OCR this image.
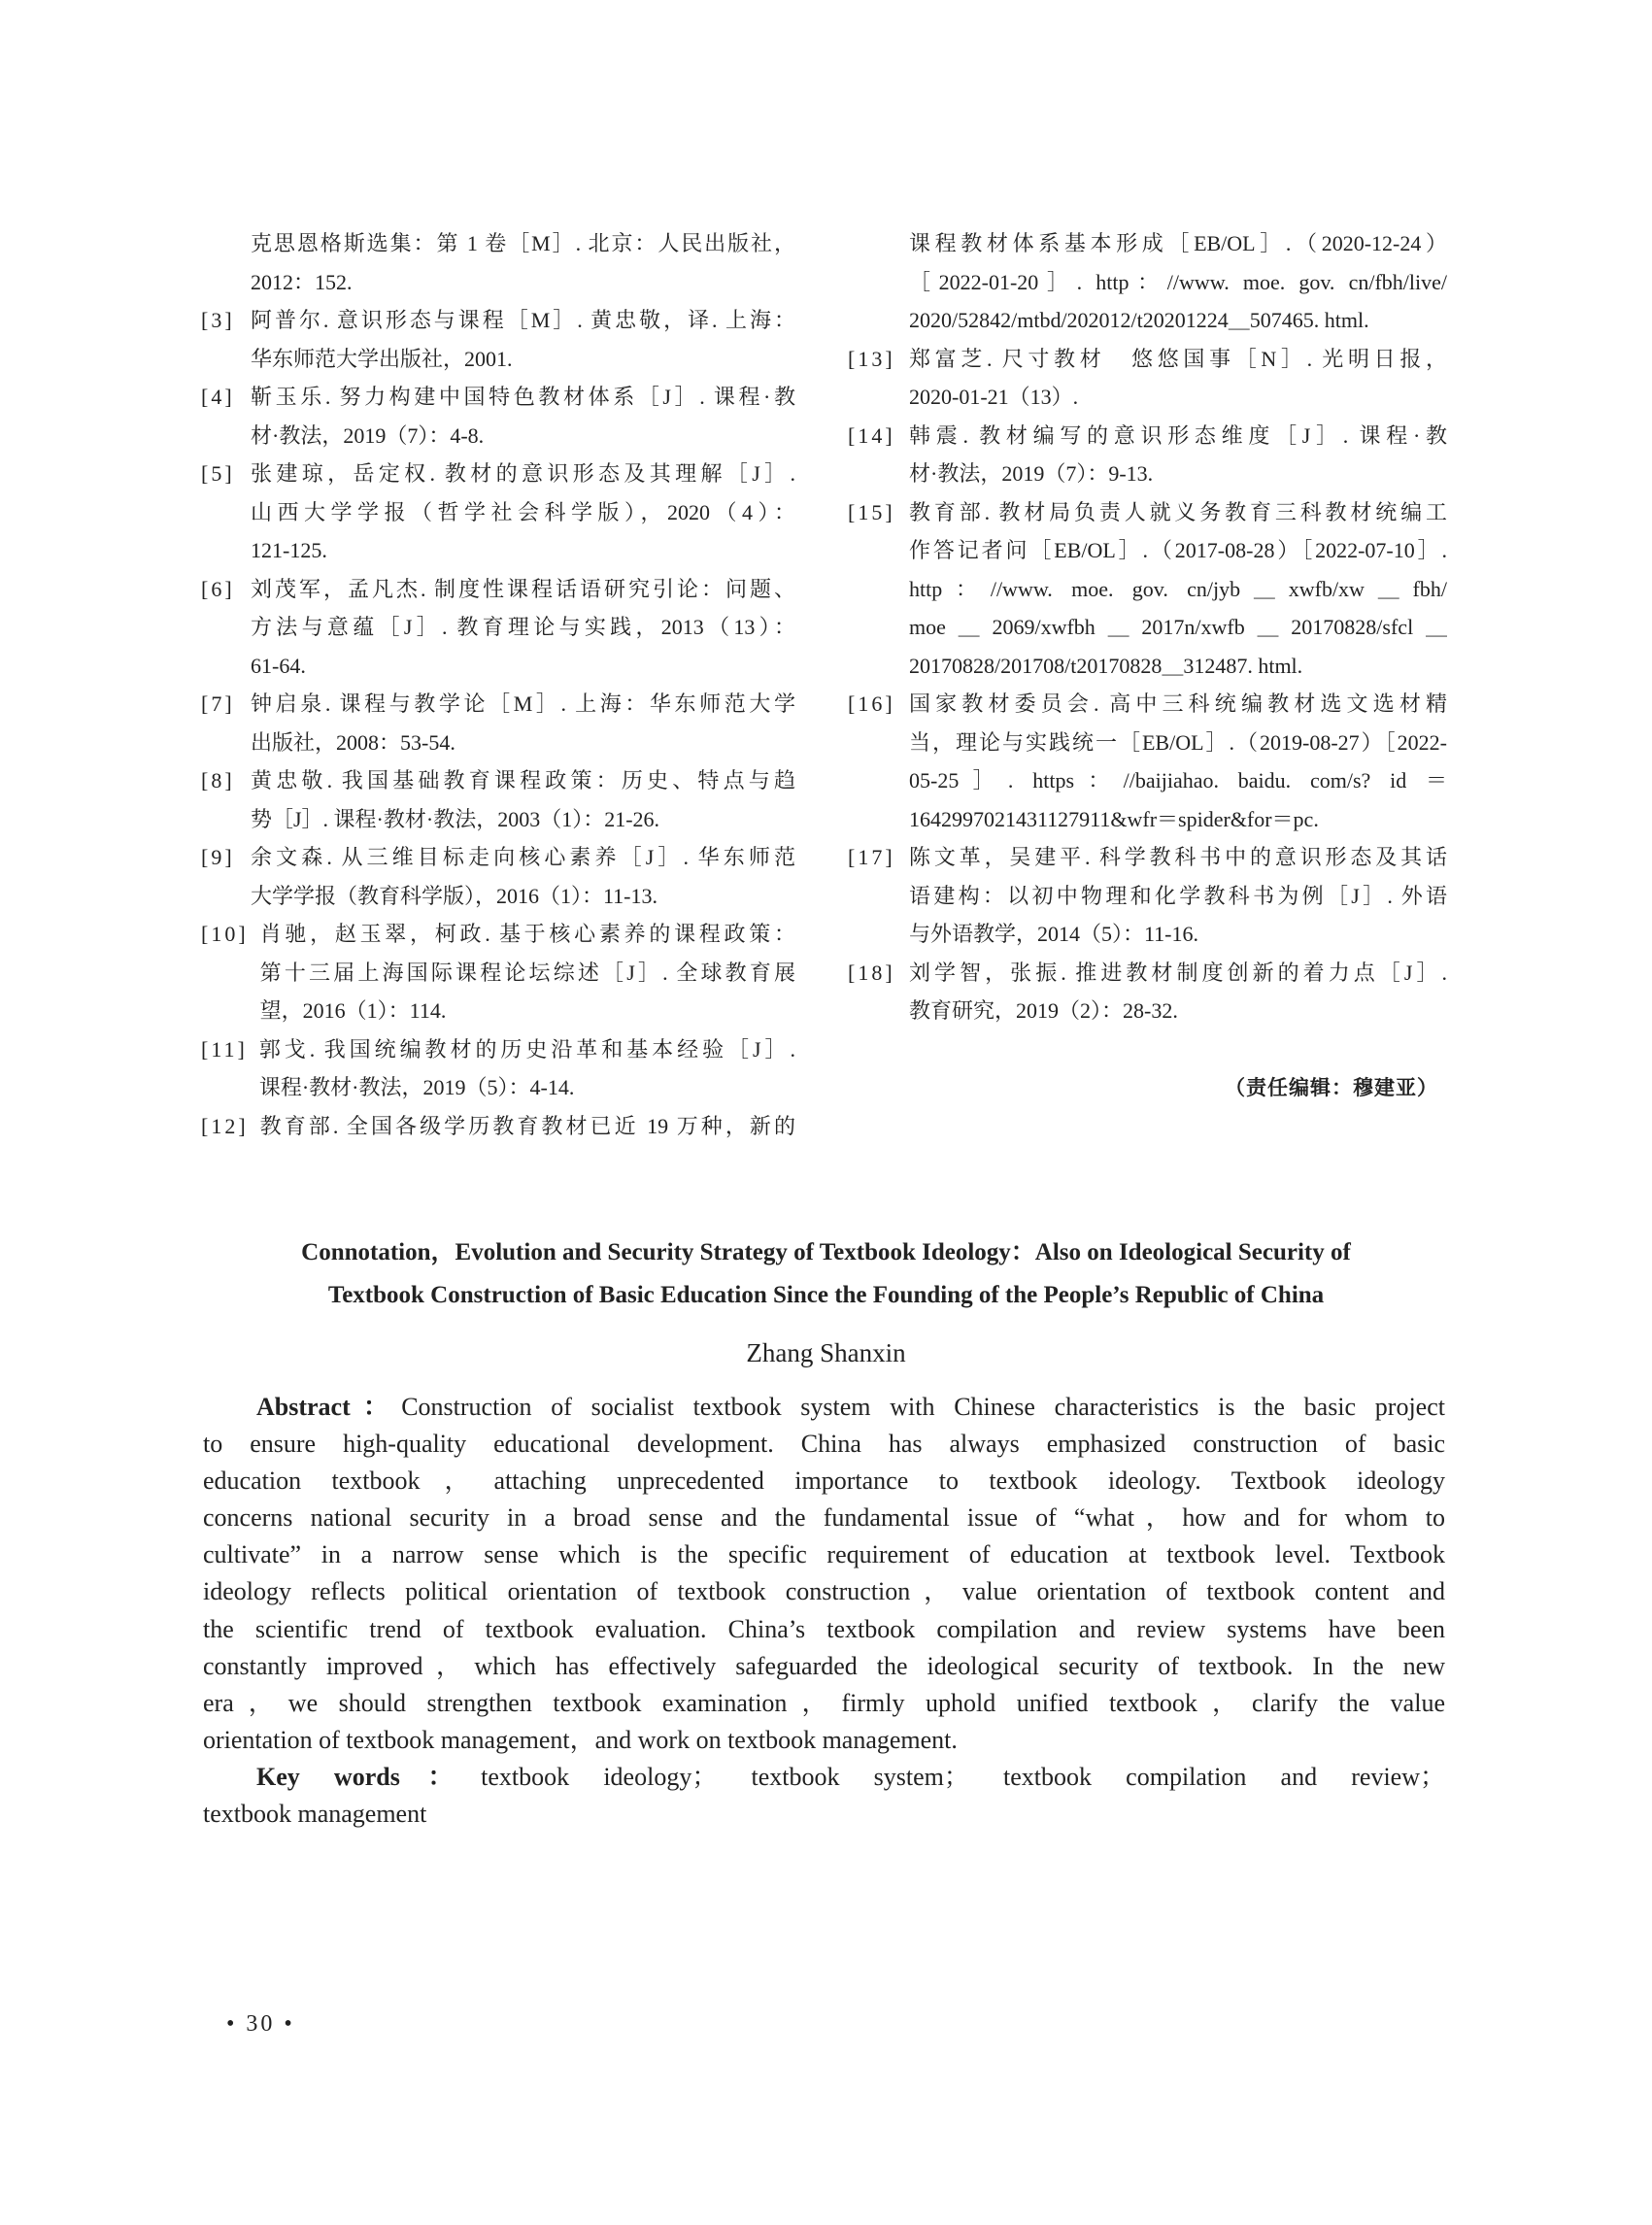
克思恩格斯选集：第 1 卷［M］. 北京：人民出版社，
2012：152.
[3] 阿普尔. 意识形态与课程［M］. 黄忠敬，译. 上海：
华东师范大学出版社，2001.
[4] 靳玉乐. 努力构建中国特色教材体系［J］. 课程·教
材·教法，2019（7）：4-8.
[5] 张建琼，岳定权. 教材的意识形态及其理解［J］.
山西大学学报（哲学社会科学版），2020（4）：
121-125.
[6] 刘茂军，孟凡杰. 制度性课程话语研究引论：问题、
方法与意蕴［J］. 教育理论与实践，2013（13）：
61-64.
[7] 钟启泉. 课程与教学论［M］. 上海：华东师范大学
出版社，2008：53-54.
[8] 黄忠敬. 我国基础教育课程政策：历史、特点与趋
势［J］. 课程·教材·教法，2003（1）：21-26.
[9] 余文森. 从三维目标走向核心素养［J］. 华东师范
大学学报（教育科学版），2016（1）：11-13.
[10] 肖驰，赵玉翠，柯政. 基于核心素养的课程政策：
第十三届上海国际课程论坛综述［J］. 全球教育展
望，2016（1）：114.
[11] 郭戈. 我国统编教材的历史沿革和基本经验［J］.
课程·教材·教法，2019（5）：4-14.
[12] 教育部. 全国各级学历教育教材已近 19 万种，新的
课程教材体系基本形成［EB/OL］.（2020-12-24）
［2022-01-20］. http：//www. moe. gov. cn/fbh/live/
2020/52842/mtbd/202012/t20201224＿507465. html.
[13] 郑富芝. 尺寸教材　悠悠国事［N］. 光明日报，
2020-01-21（13）.
[14] 韩震. 教材编写的意识形态维度［J］. 课程·教
材·教法，2019（7）：9-13.
[15] 教育部. 教材局负责人就义务教育三科教材统编工
作答记者问［EB/OL］.（2017-08-28）［2022-07-10］.
http：//www. moe. gov. cn/jyb＿xwfb/xw＿fbh/
moe＿2069/xwfbh＿2017n/xwfb＿20170828/sfcl＿
20170828/201708/t20170828＿312487. html.
[16] 国家教材委员会. 高中三科统编教材选文选材精
当，理论与实践统一［EB/OL］.（2019-08-27）［2022-
05-25］. https：//baijiahao. baidu. com/s? id ＝
1642997021431127911&wfr＝spider&for＝pc.
[17] 陈文革，吴建平. 科学教科书中的意识形态及其话
语建构：以初中物理和化学教科书为例［J］. 外语
与外语教学，2014（5）：11-16.
[18] 刘学智，张振. 推进教材制度创新的着力点［J］.
教育研究，2019（2）：28-32.
（责任编辑：穆建亚）
Connotation，Evolution and Security Strategy of Textbook Ideology：Also on Ideological Security of
Textbook Construction of Basic Education Since the Founding of the People’s Republic of China
Zhang Shanxin
Abstract：Construction of socialist textbook system with Chinese characteristics is the basic project
to ensure high-quality educational development. China has always emphasized construction of basic
education textbook，attaching unprecedented importance to textbook ideology. Textbook ideology
concerns national security in a broad sense and the fundamental issue of “what，how and for whom to
cultivate” in a narrow sense which is the specific requirement of education at textbook level. Textbook
ideology reflects political orientation of textbook construction，value orientation of textbook content and
the scientific trend of textbook evaluation. China’s textbook compilation and review systems have been
constantly improved，which has effectively safeguarded the ideological security of textbook. In the new
era，we should strengthen textbook examination，firmly uphold unified textbook，clarify the value
orientation of textbook management，and work on textbook management.
Key words：textbook ideology； textbook system； textbook compilation and review；
textbook management
• 30 •
